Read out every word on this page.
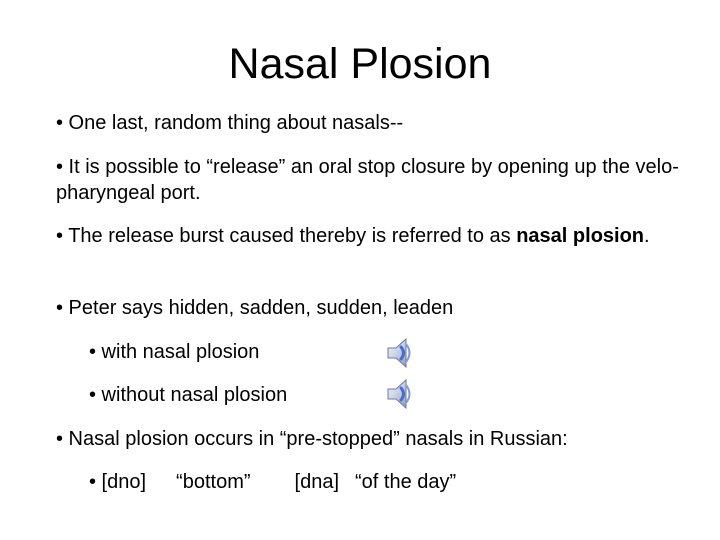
Nasal Plosion
• One last, random thing about nasals--
• It is possible to “release” an oral stop closure by opening up the velo-pharyngeal port.
• The release burst caused thereby is referred to as nasal plosion.
• Peter says hidden, sadden, sudden, leaden
• with nasal plosion
• without nasal plosion
• Nasal plosion occurs in “pre-stopped” nasals in Russian:
• [dno] “bottom” [dna] “of the day”
